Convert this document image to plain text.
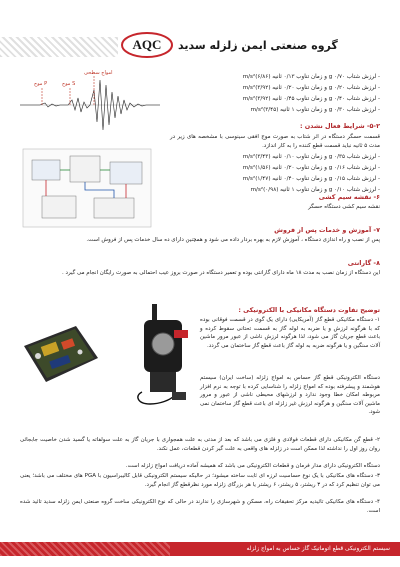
AQC گروه صنعتی ایمن زلزله سدید
موج P	موج S
امواج سطحی
- لرزش شتاب g ۰/۷۰ و زمان تناوب ۰/۱۳ ثانیه (۶/۸۶)m/s²
- لرزش شتاب g ۰/۲۰ و زمان تناوب ۰/۲۰ ثانیه (۳/۹۲)m/s²
- لرزش شتاب g ۰/۴۰ و زمان تناوب ۰/۴۵ ثانیه (۳/۹۲)m/s²
- لرزش شتاب g ۰/۳۰ و زمان تناوب ۱ ثانیه (۳/۴۵)m/s²
۵-۲- شرایط فعال نشدن :
قسمت حسگر دستگاه در اثر شتاب به صورت موج افقی سینوسی با مشخصه های زیر در مدت ۵ ثانیه نباید قسمت قطع کننده را به کار اندازد.
- لرزش شتاب g ۰/۳۵ و زمان تناوب ۰/۱۰ ثانیه (۳/۴۳)m/s²
- لرزش شتاب g ۰/۱۶ و زمان تناوب ۰/۲۰ ثانیه (۱/۵۶)m/s²
- لرزش شتاب g ۰/۱۵ و زمان تناوب ۰/۴۰ ثانیه (۱/۴۷)m/s²
- لرزش شتاب g ۰/۱۰ و زمان تناوب ۱ ثانیه (۰/۹۸)m/s²
۶- نقشه سیم کشی
نقشه سیم کشی دستگاه حسگر
۷- آموزش و خدمات پس از فروش
پس از نصب و راه اندازی دستگاه ، آموزش لازم به بهره بردار داده می شود و همچنین دارای ده سال خدمات پس از فروش است.
۸- گارانتی
این دستگاه از زمان نصب به مدت ۱۸ ماه دارای گارانتی بوده و تعمیر دستگاه در صورت بروز عیب احتمالی به صورت رایگان انجام می گیرد .
توضیح تفاوت دستگاه مکانیکی با الکترونیکی :
۱- دستگاه مکانیکی قطع گاز (آمریکایی) دارای یک گوی در قسمت فوقانی بوده که با هرگونه لرزش و یا ضربه به لوله گاز به قسمت تحتانی سقوط کرده و باعث قطع جریان گاز می شود، لذا هرگونه لرزش ناشی از عبور مرور ماشین آلات سنگین و یا هرگونه ضربه به لوله گاز باعث قطع گاز ساختمان می گردد.
دستگاه الکترونیکی قطع گاز حساس به امواج زلزله (ساخت ایران) سیستم هوشمند و پیشرفته بوده که امواج زلزله را شناسایی کرده با توجه به نرم افزار مربوطه امکان خطا وجود ندارد و لرزشهای محیطی ناشی از عبور و مرور ماشین آلات سنگین و هرگونه لرزش غیر زلزله ای باعث قطع گاز ساختمان نمی شود.
۲- قطع گن مکانیکی دارای قطعات فولادی و فلزی می باشد که بعد از مدتی به علت همجواری با جریان گاز به علت سولفاته یا گسید شدن خاصیت جابجائی روان روز اول را نداشته لذا ممکن است در زلزله های واقعی به علت گیر کردن قطعات، عمل نکند.
دستگاه الکترونیکی دارای مدار فرمان و قطعات الکترونیکی می باشد که همیشه آماده دریافت امواج زلزله است.
۳- دستگاه های مکانیکی با یک نوع حساسیت لرزه ای ثابت ساخته میشود؛ در حالیکه سیستم الکترونیکی قابل کالیبراسیون با PGA های مختلف می باشد؛ یعنی می توان تنظیم کرد که در ۳ ریشتر، ۵ ریشتر، ۶ ریشتر یا هر بزرگای زلزله مورد نظرقطع گاز انجام گیرد.
۴- دستگاه های مکانیکی تائیدیه مرکز تحقیقات راه، مسکن و شهرسازی را ندارند در حالی که نوع الکترونیکی ساخت گروه صنعتی ایمن زلزله سدید تائید شده است.
سیستم الکترونیکی قطع اتوماتیک گاز حساس به امواج زلزله
